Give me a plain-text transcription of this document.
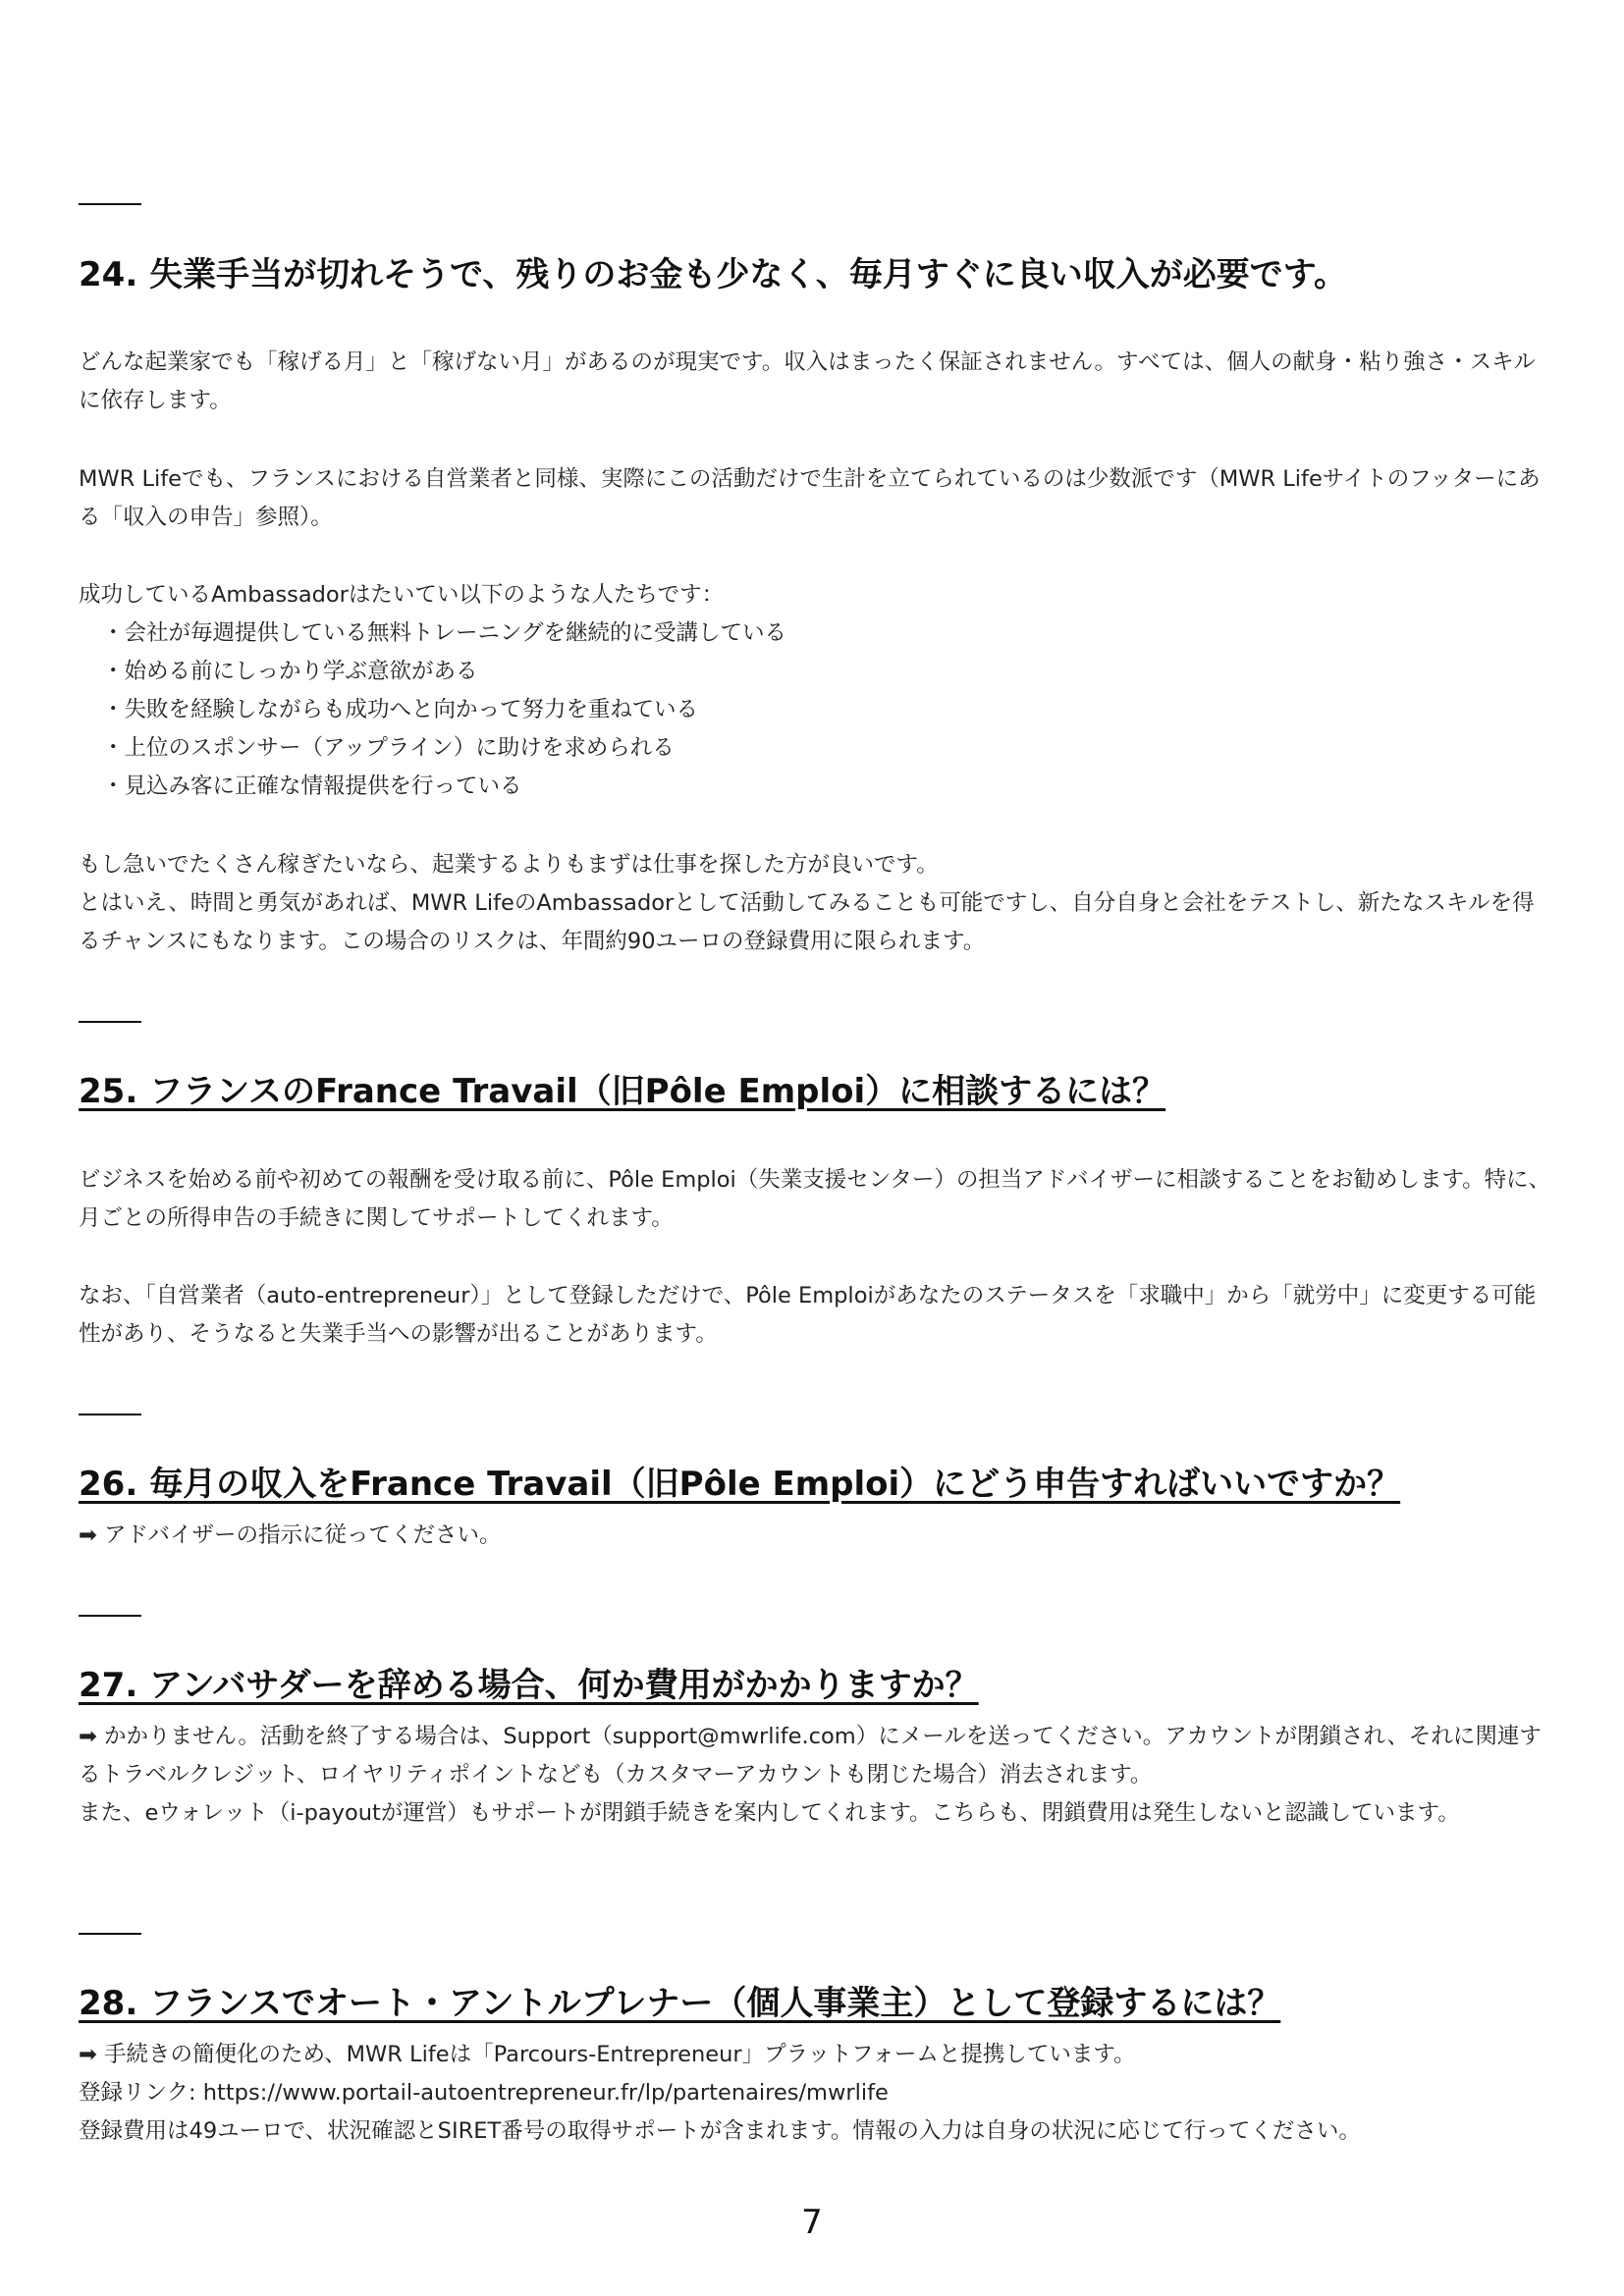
24. 失業手当が切れそうで、残りのお金も少なく、毎月すぐに良い収入が必要です。

どんな起業家でも「稼げる月」と「稼げない月」があるのが現実です。収入はまったく保証されません。すべては、個人の献身・粘り強さ・スキルに依存します。

MWR Lifeでも、フランスにおける自営業者と同様、実際にこの活動だけで生計を立てられているのは少数派です（MWR Lifeサイトのフッターにある「収入の申告」参照）。

成功しているAmbassadorはたいてい以下のような人たちです：

・会社が毎週提供している無料トレーニングを継続的に受講している
・始める前にしっかり学ぶ意欲がある
・失敗を経験しながらも成功へと向かって努力を重ねている
・上位のスポンサー（アップライン）に助けを求められる
・見込み客に正確な情報提供を行っている

もし急いでたくさん稼ぎたいなら、起業するよりもまずは仕事を探した方が良いです。

とはいえ、時間と勇気があれば、MWR LifeのAmbassadorとして活動してみることも可能ですし、自分自身と会社をテストし、新たなスキルを得るチャンスにもなります。この場合のリスクは、年間約90ユーロの登録費用に限られます。

25. フランスのFrance Travail（旧Pôle Emploi）に相談するには？

ビジネスを始める前や初めての報酬を受け取る前に、Pôle Emploi（失業支援センター）の担当アドバイザーに相談することをお勧めします。特に、月ごとの所得申告の手続きに関してサポートしてくれます。

なお、「自営業者（auto-entrepreneur）」として登録しただけで、Pôle Emploiがあなたのステータスを「求職中」から「就労中」に変更する可能性があり、そうなると失業手当への影響が出ることがあります。

26. 毎月の収入をFrance Travail（旧Pôle Emploi）にどう申告すればいいですか？

➡ アドバイザーの指示に従ってください。

27. アンバサダーを辞める場合、何か費用がかかりますか？

➡ かかりません。活動を終了する場合は、Support（support@mwrlife.com）にメールを送ってください。アカウントが閉鎖され、それに関連するトラベルクレジット、ロイヤリティポイントなども（カスタマーアカウントも閉じた場合）消去されます。

また、eウォレット（i-payoutが運営）もサポートが閉鎖手続きを案内してくれます。こちらも、閉鎖費用は発生しないと認識しています。

28. フランスでオート・アントルプレナー（個人事業主）として登録するには？

➡ 手続きの簡便化のため、MWR Lifeは「Parcours-Entrepreneur」プラットフォームと提携しています。

登録リンク: https://www.portail-autoentrepreneur.fr/lp/partenaires/mwrlife

登録費用は49ユーロで、状況確認とSIRET番号の取得サポートが含まれます。情報の入力は自身の状況に応じて行ってください。

7
